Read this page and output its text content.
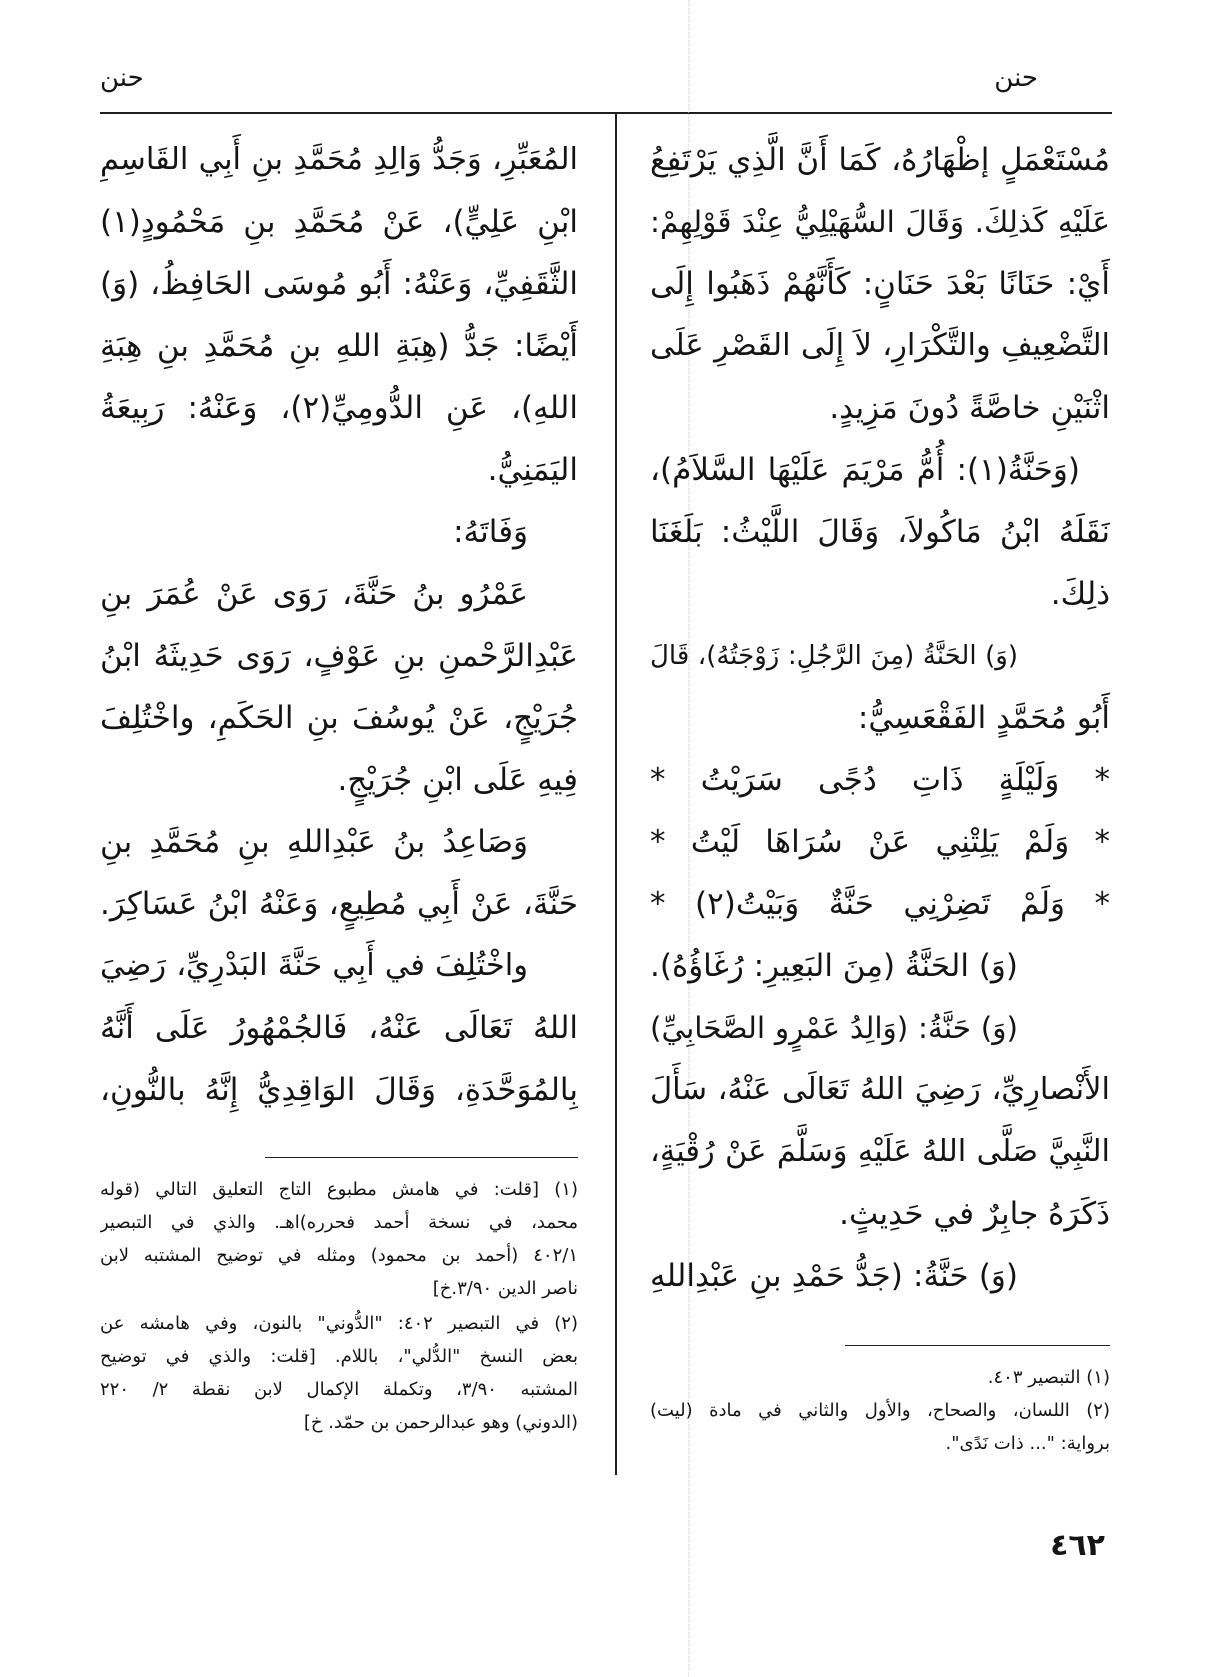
حنن
حنن
مُسْتَعْمَلٍ إظْهَارُهُ، كَمَا أَنَّ الَّذِي يَرْتَفِعُ
عَلَيْهِ كَذلِكَ. وَقَالَ السُّهَيْلِيُّ عِنْدَ قَوْلِهِمْ:
أَيْ: حَنَانًا بَعْدَ حَنَانٍ: كَأَنَّهُمْ ذَهَبُوا إِلَى
التَّضْعِيفِ والتَّكْرَارِ، لاَ إِلَى القَصْرِ عَلَى
اثْنَيْنِ خاصَّةً دُونَ مَزِيدٍ.
(وَحَنَّةُ(١): أُمُّ مَرْيَمَ عَلَيْهَا السَّلاَمُ)،
نَقَلَهُ ابْنُ مَاكُولاَ، وَقَالَ اللَّيْثُ: بَلَغَنَا
ذلِكَ.
(وَ) الحَنَّةُ (مِنَ الرَّجُلِ: زَوْجَتُهُ)، قَالَ
أَبُو مُحَمَّدٍ الفَقْعَسِيُّ:
* وَلَيْلَةٍ ذَاتِ دُجًى سَرَيْتُ *
* وَلَمْ يَلِتْنِي عَنْ سُرَاهَا لَيْتُ *
* وَلَمْ تَضِرْنِي حَنَّةٌ وَبَيْتُ(٢) *
(وَ) الحَنَّةُ (مِنَ البَعِيرِ: رُغَاؤُهُ).
(وَ) حَنَّةُ: (وَالِدُ عَمْرٍو الصَّحَابِيِّ)
الأَنْصارِيِّ، رَضِيَ اللهُ تَعَالَى عَنْهُ، سَأَلَ
النَّبِيَّ صَلَّى اللهُ عَلَيْهِ وَسَلَّمَ عَنْ رُقْيَةٍ،
ذَكَرَهُ جابِرٌ في حَدِيثٍ.
(وَ) حَنَّةُ: (جَدُّ حَمْدِ بنِ عَبْدِاللهِ
المُعَبِّرِ، وَجَدُّ وَالِدِ مُحَمَّدِ بنِ أَبِي القَاسِمِ
ابْنِ عَلِيٍّ)، عَنْ مُحَمَّدِ بنِ مَحْمُودٍ(١)
الثَّقَفِيِّ، وَعَنْهُ: أَبُو مُوسَى الحَافِظُ، (وَ)
أَيْضًا: جَدُّ (هِبَةِ اللهِ بنِ مُحَمَّدِ بنِ هِبَةِ
اللهِ)، عَنِ الدُّومِيِّ(٢)، وَعَنْهُ: رَبِيعَةُ
اليَمَنِيُّ.
وَفَاتَهُ:
عَمْرُو بنُ حَنَّةَ، رَوَى عَنْ عُمَرَ بنِ
عَبْدِالرَّحْمنِ بنِ عَوْفٍ، رَوَى حَدِيثَهُ ابْنُ
جُرَيْجٍ، عَنْ يُوسُفَ بنِ الحَكَمِ، واخْتُلِفَ
فِيهِ عَلَى ابْنِ جُرَيْجٍ.
وَصَاعِدُ بنُ عَبْدِاللهِ بنِ مُحَمَّدِ بنِ
حَنَّةَ، عَنْ أَبِي مُطِيعٍ، وَعَنْهُ ابْنُ عَسَاكِرَ.
واخْتُلِفَ في أَبِي حَنَّةَ البَدْرِيِّ، رَضِيَ
اللهُ تَعَالَى عَنْهُ، فَالجُمْهُورُ عَلَى أَنَّهُ
بِالمُوَحَّدَةِ، وَقَالَ الوَاقِدِيُّ إِنَّهُ بالنُّونِ،
(١) [قلت: في هامش مطبوع التاج التعليق التالي (قوله
محمد، في نسخة أحمد فحرره)اهـ. والذي في التبصير
٤٠٢/١ (أحمد بن محمود) ومثله في توضيح المشتبه لابن
ناصر الدين ٣/٩٠.خ]
(٢) في التبصير ٤٠٢: "الدُّوني" بالنون، وفي هامشه عن
بعض النسخ "الدُّلي"، باللام. [قلت: والذي في توضيح
المشتبه ٣/٩٠، وتكملة الإكمال لابن نقطة ٢/ ٢٢٠
(الدوني) وهو عبدالرحمن بن حمّد. خ]
(١) التبصير ٤٠٣.
(٢) اللسان، والصحاح، والأول والثاني في مادة (ليت)
برواية: "... ذات نَدًى".
٤٦٢
